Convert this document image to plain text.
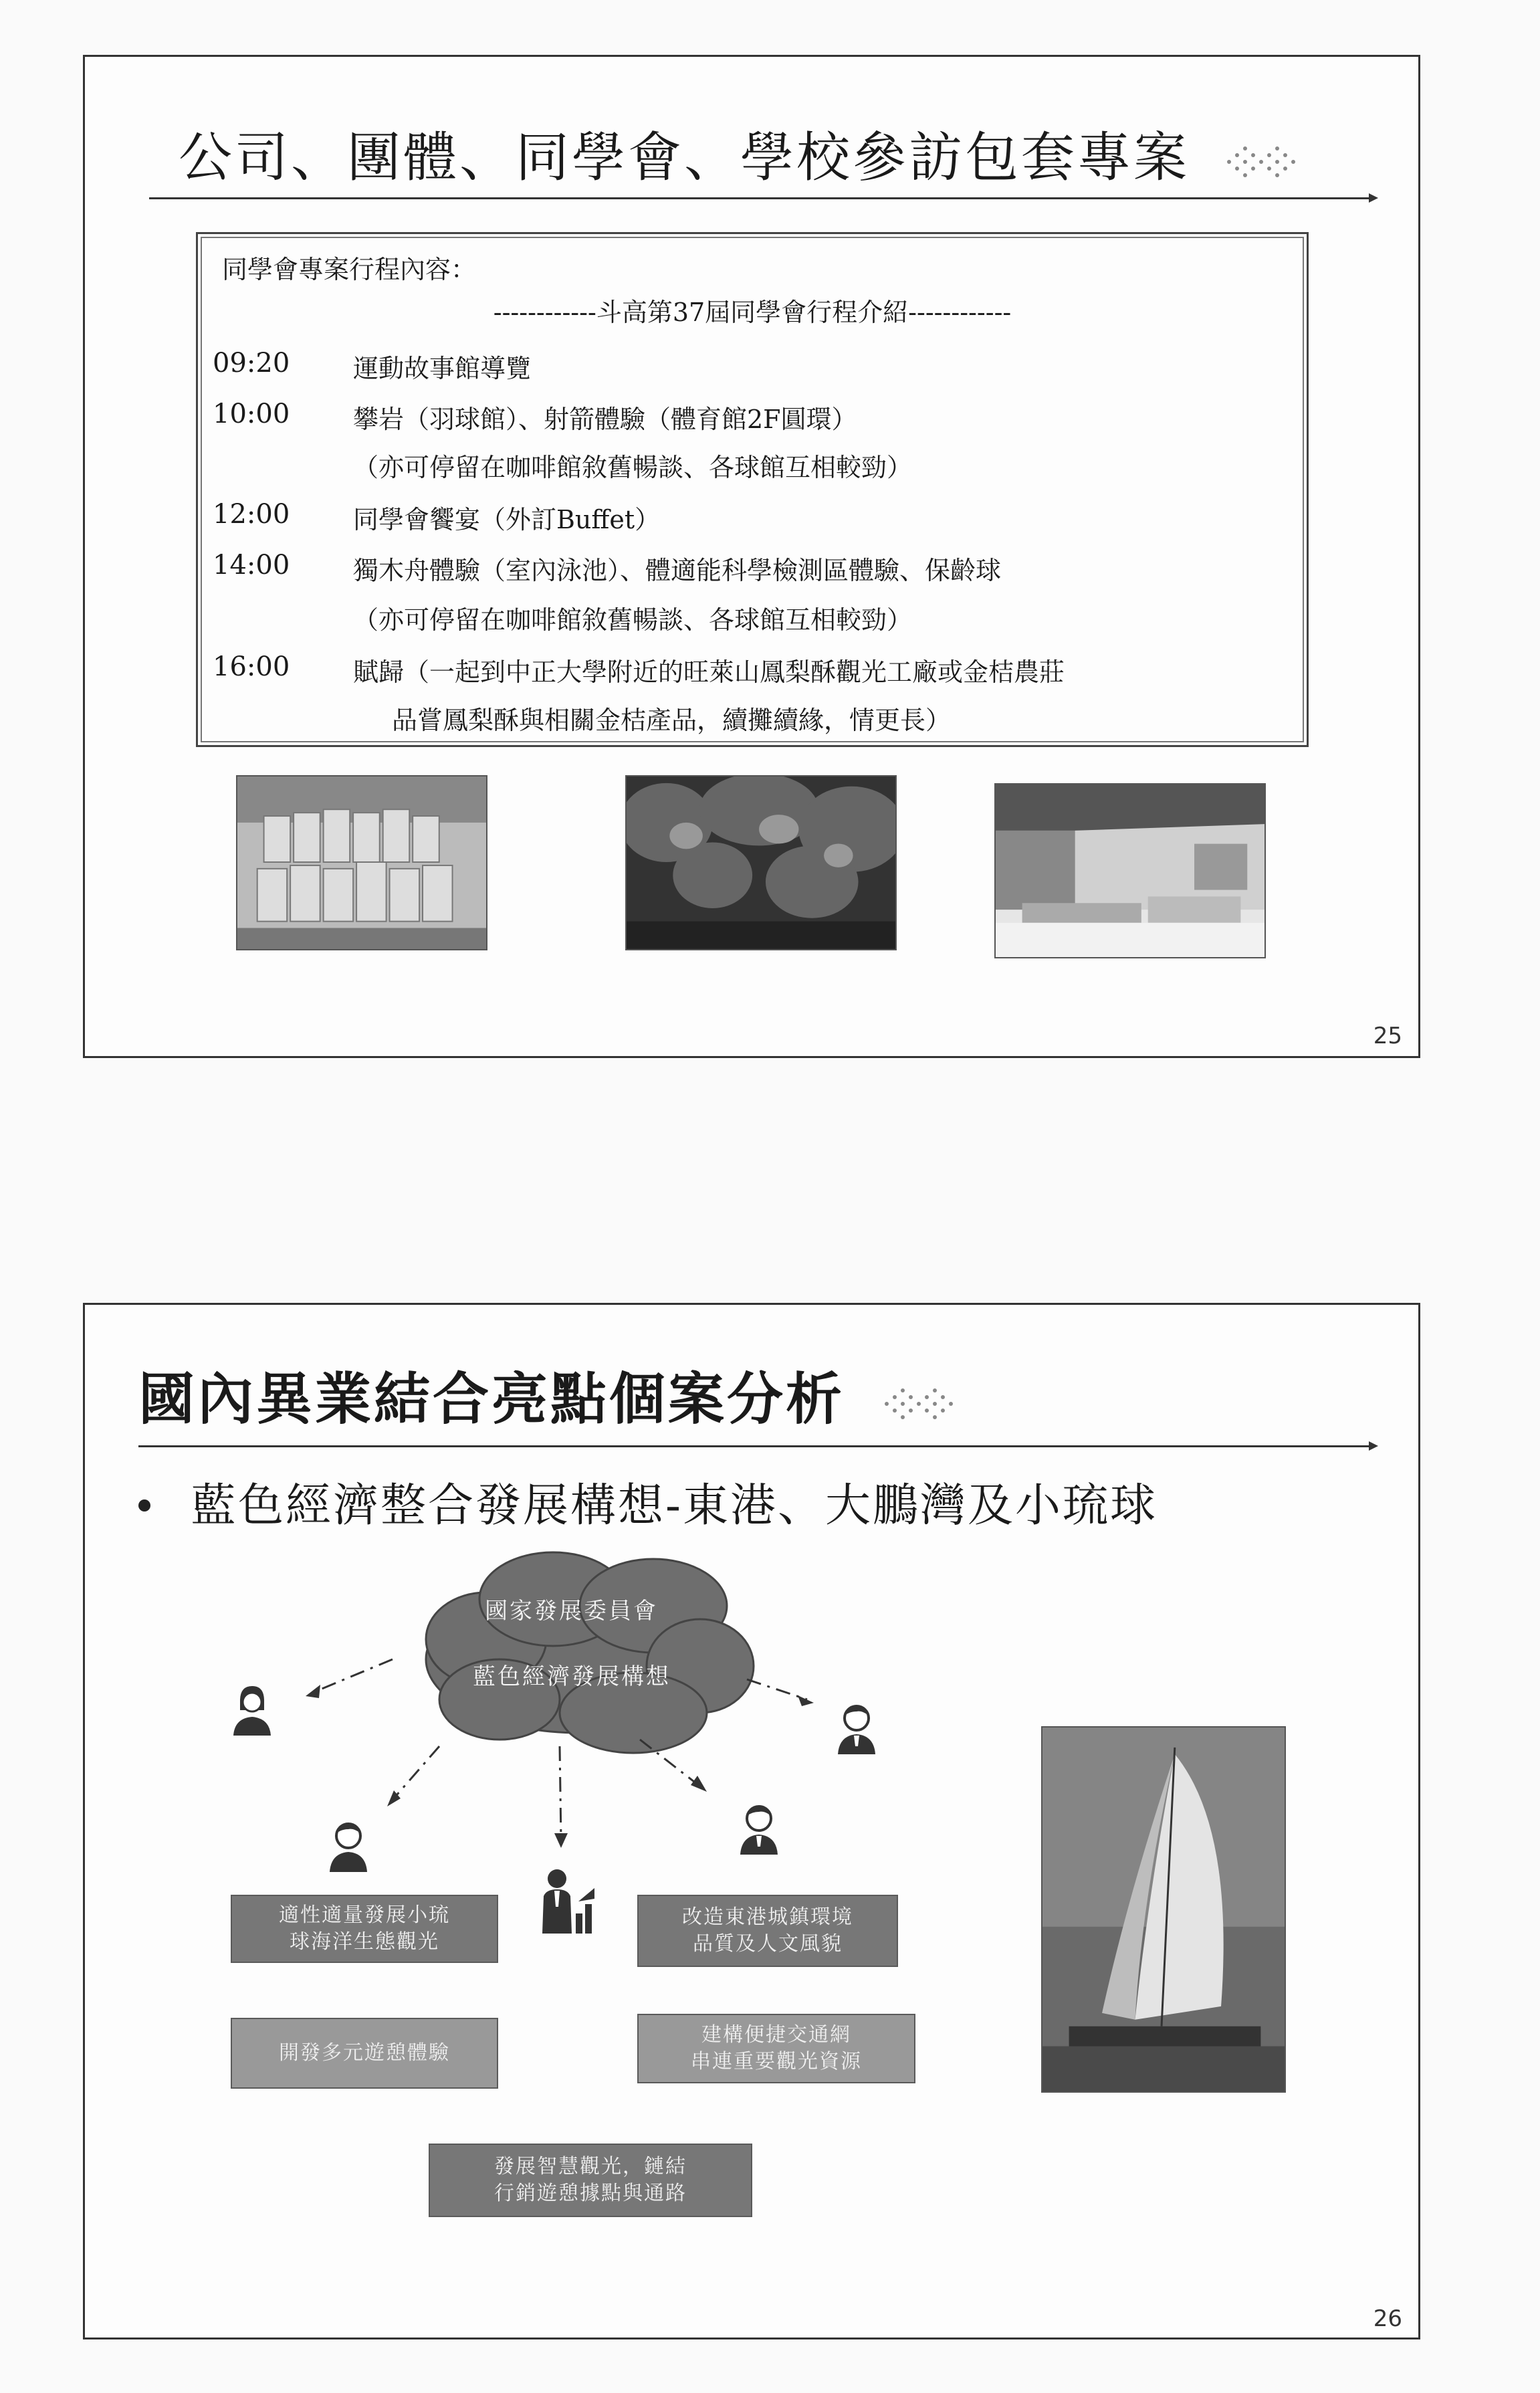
公司、團體、同學會、學校參訪包套專案
同學會專案行程內容：
------------斗高第37屆同學會行程介紹------------
09:20 運動故事館導覽
10:00 攀岩（羽球館）、射箭體驗（體育館2F圓環）
（亦可停留在咖啡館敘舊暢談、各球館互相較勁）
12:00 同學會饗宴（外訂Buffet）
14:00 獨木舟體驗（室內泳池）、體適能科學檢測區體驗、保齡球
（亦可停留在咖啡館敘舊暢談、各球館互相較勁）
16:00 賦歸（一起到中正大學附近的旺萊山鳳梨酥觀光工廠或金桔農莊
品嘗鳳梨酥與相關金桔產品，續攤續緣，情更長）
25
國內異業結合亮點個案分析
藍色經濟整合發展構想-東港、大鵬灣及小琉球
國家發展委員會
藍色經濟發展構想
適性適量發展小琉
球海洋生態觀光
改造東港城鎮環境
品質及人文風貌
開發多元遊憩體驗
建構便捷交通網
串連重要觀光資源
發展智慧觀光，鏈結
行銷遊憩據點與通路
26
